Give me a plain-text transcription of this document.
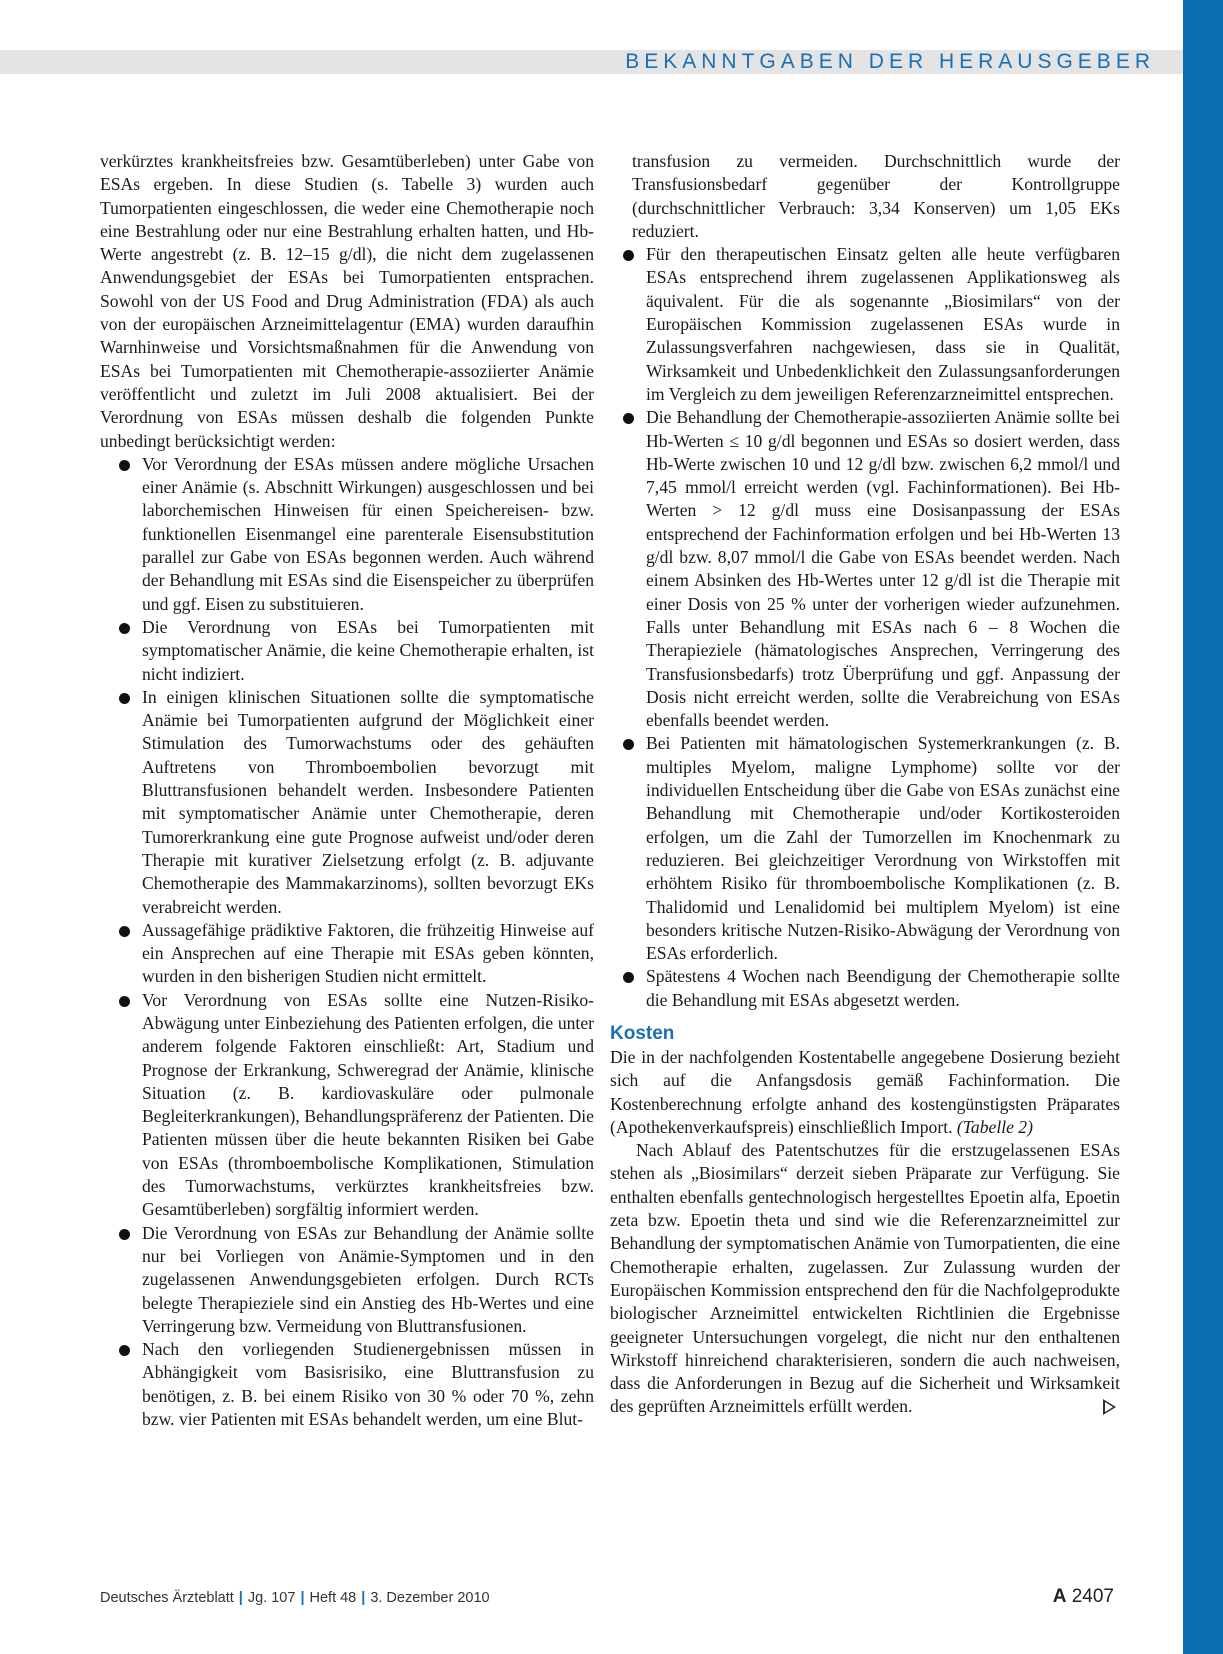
BEKANNTGABEN DER HERAUSGEBER

verkürztes krankheitsfreies bzw. Gesamtüberleben) unter Gabe von ESAs ergeben. In diese Studien (s. Tabelle 3) wurden auch Tumorpatienten eingeschlossen, die weder eine Chemotherapie noch eine Bestrahlung oder nur eine Bestrahlung erhalten hatten, und Hb-Werte angestrebt (z. B. 12–15 g/dl), die nicht dem zugelassenen Anwendungsgebiet der ESAs bei Tumorpatienten entsprachen. Sowohl von der US Food and Drug Administration (FDA) als auch von der europäischen Arzneimittelagentur (EMA) wurden daraufhin Warnhinweise und Vorsichtsmaßnahmen für die Anwendung von ESAs bei Tumorpatienten mit Chemotherapie-assoziierter Anämie veröffentlicht und zuletzt im Juli 2008 aktualisiert. Bei der Verordnung von ESAs müssen deshalb die folgenden Punkte unbedingt berücksichtigt werden:

Vor Verordnung der ESAs müssen andere mögliche Ursachen einer Anämie (s. Abschnitt Wirkungen) ausgeschlossen und bei laborchemischen Hinweisen für einen Speichereisen- bzw. funktionellen Eisenmangel eine parenterale Eisensubstitution parallel zur Gabe von ESAs begonnen werden. Auch während der Behandlung mit ESAs sind die Eisenspeicher zu überprüfen und ggf. Eisen zu substituieren.
Die Verordnung von ESAs bei Tumorpatienten mit symptomatischer Anämie, die keine Chemotherapie erhalten, ist nicht indiziert.
In einigen klinischen Situationen sollte die symptomatische Anämie bei Tumorpatienten aufgrund der Möglichkeit einer Stimulation des Tumorwachstums oder des gehäuften Auftretens von Thromboembolien bevorzugt mit Bluttransfusionen behandelt werden. Insbesondere Patienten mit symptomatischer Anämie unter Chemotherapie, deren Tumorerkrankung eine gute Prognose aufweist und/oder deren Therapie mit kurativer Zielsetzung erfolgt (z. B. adjuvante Chemotherapie des Mammakarzinoms), sollten bevorzugt EKs verabreicht werden.
Aussagefähige prädiktive Faktoren, die frühzeitig Hinweise auf ein Ansprechen auf eine Therapie mit ESAs geben könnten, wurden in den bisherigen Studien nicht ermittelt.
Vor Verordnung von ESAs sollte eine Nutzen-Risiko-Abwägung unter Einbeziehung des Patienten erfolgen, die unter anderem folgende Faktoren einschließt: Art, Stadium und Prognose der Erkrankung, Schweregrad der Anämie, klinische Situation (z. B. kardiovaskuläre oder pulmonale Begleiterkrankungen), Behandlungspräferenz der Patienten. Die Patienten müssen über die heute bekannten Risiken bei Gabe von ESAs (thromboembolische Komplikationen, Stimulation des Tumorwachstums, verkürztes krankheitsfreies bzw. Gesamtüberleben) sorgfältig informiert werden.
Die Verordnung von ESAs zur Behandlung der Anämie sollte nur bei Vorliegen von Anämie-Symptomen und in den zugelassenen Anwendungsgebieten erfolgen. Durch RCTs belegte Therapieziele sind ein Anstieg des Hb-Wertes und eine Verringerung bzw. Vermeidung von Bluttransfusionen.
Nach den vorliegenden Studienergebnissen müssen in Abhängigkeit vom Basisrisiko, eine Bluttransfusion zu benötigen, z. B. bei einem Risiko von 30 % oder 70 %, zehn bzw. vier Patienten mit ESAs behandelt werden, um eine Blut-

transfusion zu vermeiden. Durchschnittlich wurde der Transfusionsbedarf gegenüber der Kontrollgruppe (durchschnittlicher Verbrauch: 3,34 Konserven) um 1,05 EKs reduziert.

Für den therapeutischen Einsatz gelten alle heute verfügbaren ESAs entsprechend ihrem zugelassenen Applikationsweg als äquivalent. Für die als sogenannte „Biosimilars“ von der Europäischen Kommission zugelassenen ESAs wurde in Zulassungsverfahren nachgewiesen, dass sie in Qualität, Wirksamkeit und Unbedenklichkeit den Zulassungsanforderungen im Vergleich zu dem jeweiligen Referenzarzneimittel entsprechen.
Die Behandlung der Chemotherapie-assoziierten Anämie sollte bei Hb-Werten ≤ 10 g/dl begonnen und ESAs so dosiert werden, dass Hb-Werte zwischen 10 und 12 g/dl bzw. zwischen 6,2 mmol/l und 7,45 mmol/l erreicht werden (vgl. Fachinformationen). Bei Hb-Werten > 12 g/dl muss eine Dosisanpassung der ESAs entsprechend der Fachinformation erfolgen und bei Hb-Werten 13 g/dl bzw. 8,07 mmol/l die Gabe von ESAs beendet werden. Nach einem Absinken des Hb-Wertes unter 12 g/dl ist die Therapie mit einer Dosis von 25 % unter der vorherigen wieder aufzunehmen. Falls unter Behandlung mit ESAs nach 6 – 8 Wochen die Therapieziele (hämatologisches Ansprechen, Verringerung des Transfusionsbedarfs) trotz Überprüfung und ggf. Anpassung der Dosis nicht erreicht werden, sollte die Verabreichung von ESAs ebenfalls beendet werden.
Bei Patienten mit hämatologischen Systemerkrankungen (z. B. multiples Myelom, maligne Lymphome) sollte vor der individuellen Entscheidung über die Gabe von ESAs zunächst eine Behandlung mit Chemotherapie und/oder Kortikosteroiden erfolgen, um die Zahl der Tumorzellen im Knochenmark zu reduzieren. Bei gleichzeitiger Verordnung von Wirkstoffen mit erhöhtem Risiko für thromboembolische Komplikationen (z. B. Thalidomid und Lenalidomid bei multiplem Myelom) ist eine besonders kritische Nutzen-Risiko-Abwägung der Verordnung von ESAs erforderlich.
Spätestens 4 Wochen nach Beendigung der Chemotherapie sollte die Behandlung mit ESAs abgesetzt werden.

Kosten

Die in der nachfolgenden Kostentabelle angegebene Dosierung bezieht sich auf die Anfangsdosis gemäß Fachinformation. Die Kostenberechnung erfolgte anhand des kostengünstigsten Präparates (Apothekenverkaufspreis) einschließlich Import. (Tabelle 2)

Nach Ablauf des Patentschutzes für die erstzugelassenen ESAs stehen als „Biosimilars“ derzeit sieben Präparate zur Verfügung. Sie enthalten ebenfalls gentechnologisch hergestelltes Epoetin alfa, Epoetin zeta bzw. Epoetin theta und sind wie die Referenzarzneimittel zur Behandlung der symptomatischen Anämie von Tumorpatienten, die eine Chemotherapie erhalten, zugelassen. Zur Zulassung wurden der Europäischen Kommission entsprechend den für die Nachfolgeprodukte biologischer Arzneimittel entwickelten Richtlinien die Ergebnisse geeigneter Untersuchungen vorgelegt, die nicht nur den enthaltenen Wirkstoff hinreichend charakterisieren, sondern die auch nachweisen, dass die Anforderungen in Bezug auf die Sicherheit und Wirksamkeit des geprüften Arzneimittels erfüllt werden.

Deutsches Ärzteblatt | Jg. 107 | Heft 48 | 3. Dezember 2010	A 2407
